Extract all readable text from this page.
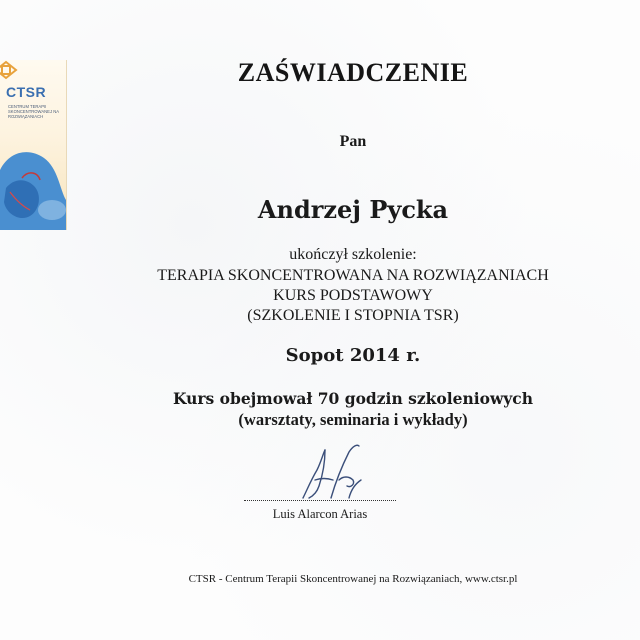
CTSR
CENTRUM TERAPII SKONCENTROWANEJ NA ROZWIĄZANIACH
ZAŚWIADCZENIE
Pan
Andrzej Pycka
ukończył szkolenie:
TERAPIA SKONCENTROWANA NA ROZWIĄZANIACH
KURS PODSTAWOWY
(SZKOLENIE I STOPNIA TSR)
Sopot 2014 r.
Kurs obejmował 70 godzin szkoleniowych
(warsztaty, seminaria i wykłady)
Luis Alarcon Arias
CTSR - Centrum Terapii Skoncentrowanej na Rozwiązaniach, www.ctsr.pl
